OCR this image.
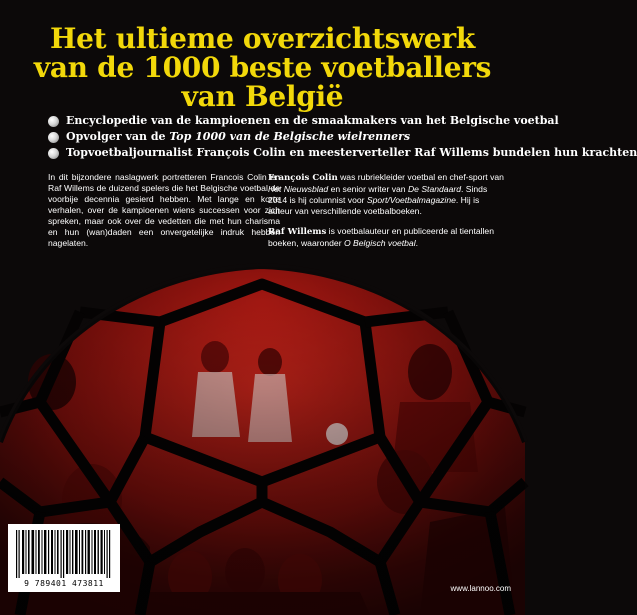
Het ultieme overzichtswerk
van de 1000 beste voetballers
van België
Encyclopedie van de kampioenen en de smaakmakers van het Belgische voetbal
Opvolger van de Top 1000 van de Belgische wielrenners
Topvoetbaljournalist François Colin en meesterverteller Raf Willems bundelen hun krachten

In dit bijzondere naslagwerk portretteren Francois Colin en Raf Willems de duizend spelers die het Belgische voetbal de voorbije decennia gesierd hebben. Met lange en korte verhalen, over de kampioenen wiens successen voor zich spreken, maar ook over de vedetten die met hun charisma en hun (wan)daden een onvergetelijke indruk hebben nagelaten.

François Colin was rubriekleider voetbal en chef-sport van Het Nieuwsblad en senior writer van De Standaard. Sinds 2014 is hij columnist voor Sport/Voetbalmagazine. Hij is auteur van verschillende voetbalboeken.

Raf Willems is voetbalauteur en publiceerde al tientallen boeken, waaronder O Belgisch voetbal.

9 789401 473811
www.lannoo.com
